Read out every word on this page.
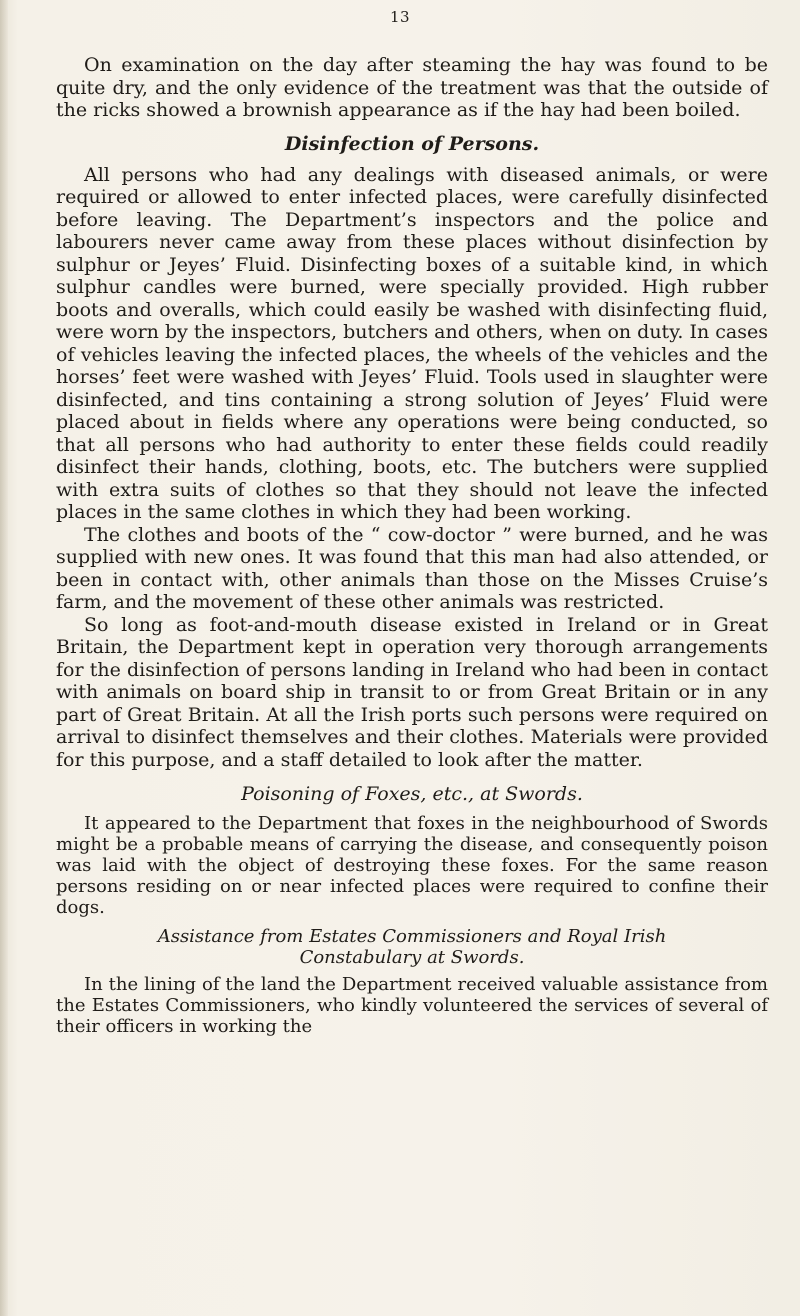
13

On examination on the day after steaming the hay was found to be quite dry, and the only evidence of the treatment was that the outside of the ricks showed a brownish appearance as if the hay had been boiled.

Disinfection of Persons.

All persons who had any dealings with diseased animals, or were required or allowed to enter infected places, were carefully disinfected before leaving. The Department’s inspectors and the police and labourers never came away from these places without disinfection by sulphur or Jeyes’ Fluid. Disinfecting boxes of a suitable kind, in which sulphur candles were burned, were specially provided. High rubber boots and overalls, which could easily be washed with disinfecting fluid, were worn by the inspectors, butchers and others, when on duty. In cases of vehicles leaving the infected places, the wheels of the vehicles and the horses’ feet were washed with Jeyes’ Fluid. Tools used in slaughter were disinfected, and tins containing a strong solution of Jeyes’ Fluid were placed about in fields where any operations were being conducted, so that all persons who had authority to enter these fields could readily disinfect their hands, clothing, boots, etc. The butchers were supplied with extra suits of clothes so that they should not leave the infected places in the same clothes in which they had been working.

The clothes and boots of the “ cow-doctor ” were burned, and he was supplied with new ones. It was found that this man had also attended, or been in contact with, other animals than those on the Misses Cruise’s farm, and the movement of these other animals was restricted.

So long as foot-and-mouth disease existed in Ireland or in Great Britain, the Department kept in operation very thorough arrangements for the disinfection of persons landing in Ireland who had been in contact with animals on board ship in transit to or from Great Britain or in any part of Great Britain. At all the Irish ports such persons were required on arrival to disinfect themselves and their clothes. Materials were provided for this purpose, and a staff detailed to look after the matter.

Poisoning of Foxes, etc., at Swords.

It appeared to the Department that foxes in the neighbourhood of Swords might be a probable means of carrying the disease, and consequently poison was laid with the object of destroying these foxes. For the same reason persons residing on or near infected places were required to confine their dogs.

Assistance from Estates Commissioners and Royal Irish Constabulary at Swords.

In the lining of the land the Department received valuable assistance from the Estates Commissioners, who kindly volunteered the services of several of their officers in working the
